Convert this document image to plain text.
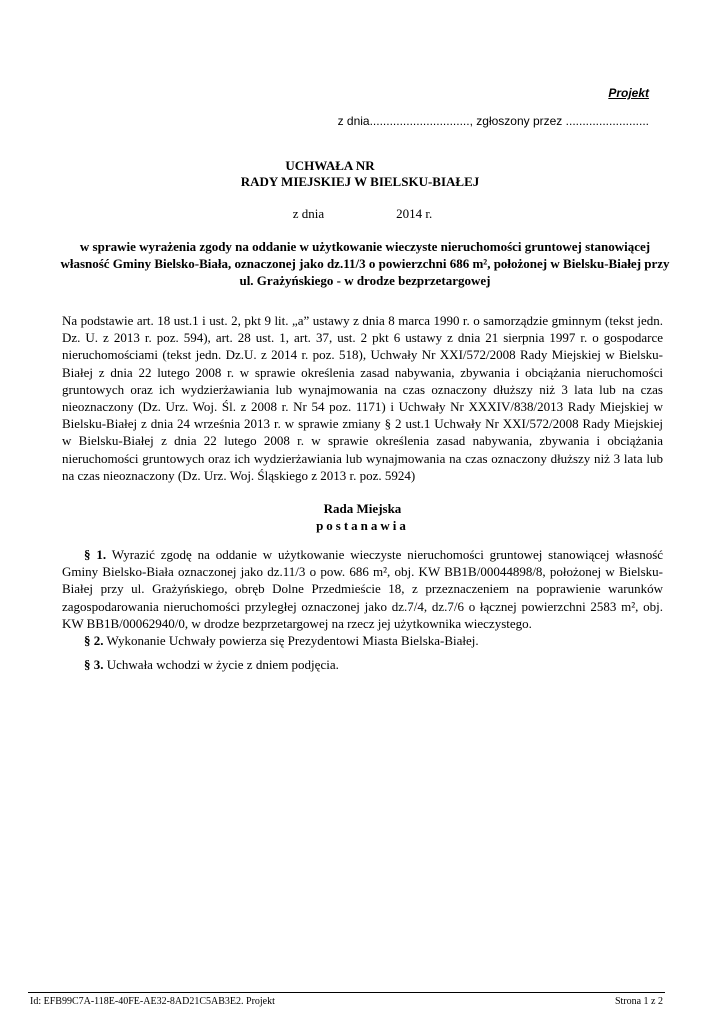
Projekt
z dnia.............................., zgłoszony przez .........................
UCHWAŁA NR
RADY MIEJSKIEJ W BIELSKU-BIAŁEJ
z dnia	2014 r.
w sprawie wyrażenia zgody na oddanie w użytkowanie wieczyste nieruchomości gruntowej stanowiącej własność Gminy Bielsko-Biała, oznaczonej jako dz.11/3 o powierzchni 686 m², położonej w Bielsku-Białej przy ul. Grażyńskiego - w drodze bezprzetargowej
Na podstawie art. 18 ust.1 i ust. 2, pkt 9 lit. „a” ustawy z dnia 8 marca 1990 r. o samorządzie gminnym (tekst jedn. Dz. U. z 2013 r. poz. 594), art. 28 ust. 1, art. 37, ust. 2 pkt 6 ustawy z dnia 21 sierpnia 1997 r. o gospodarce nieruchomościami (tekst jedn. Dz.U. z 2014 r. poz. 518), Uchwały Nr XXI/572/2008 Rady Miejskiej w Bielsku-Białej z dnia 22 lutego 2008 r. w sprawie określenia zasad nabywania, zbywania i obciążania nieruchomości gruntowych oraz ich wydzierżawiania lub wynajmowania na czas oznaczony dłuższy niż 3 lata lub na czas nieoznaczony (Dz. Urz. Woj. Śl. z 2008 r. Nr 54 poz. 1171) i Uchwały Nr XXXIV/838/2013 Rady Miejskiej w Bielsku-Białej z dnia 24 września 2013 r. w sprawie zmiany § 2 ust.1 Uchwały Nr XXI/572/2008 Rady Miejskiej w Bielsku-Białej z dnia 22 lutego 2008 r. w sprawie określenia zasad nabywania, zbywania i obciążania nieruchomości gruntowych oraz ich wydzierżawiania lub wynajmowania na czas oznaczony dłuższy niż 3 lata lub na czas nieoznaczony (Dz. Urz. Woj. Śląskiego z 2013 r. poz. 5924)
Rada Miejska
postanawia
§ 1. Wyrazić zgodę na oddanie w użytkowanie wieczyste nieruchomości gruntowej stanowiącej własność Gminy Bielsko-Biała oznaczonej jako dz.11/3 o pow. 686 m², obj. KW BB1B/00044898/8, położonej w Bielsku-Białej przy ul. Grażyńskiego, obręb Dolne Przedmieście 18, z przeznaczeniem na poprawienie warunków zagospodarowania nieruchomości przyległej oznaczonej jako dz.7/4, dz.7/6 o łącznej powierzchni 2583 m², obj. KW BB1B/00062940/0, w drodze bezprzetargowej na rzecz jej użytkownika wieczystego.
§ 2. Wykonanie Uchwały powierza się Prezydentowi Miasta Bielska-Białej.
§ 3. Uchwała wchodzi w życie z dniem podjęcia.
Id: EFB99C7A-118E-40FE-AE32-8AD21C5AB3E2. Projekt	Strona 1 z 2
